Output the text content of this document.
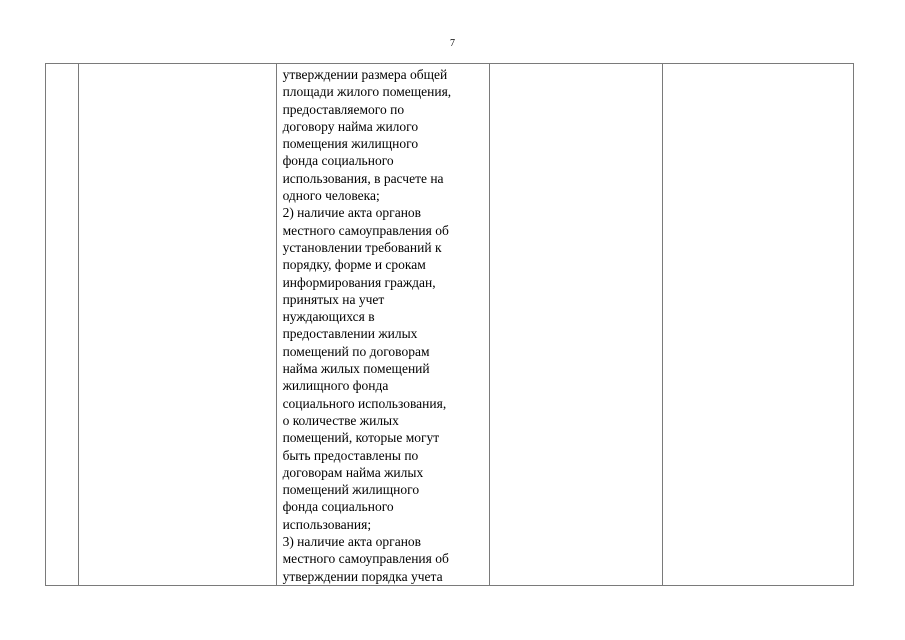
7

утверждении размера общей
площади жилого помещения,
предоставляемого по
договору найма жилого
помещения жилищного
фонда социального
использования, в расчете на
одного человека;
2) наличие акта органов
местного самоуправления об
установлении требований к
порядку, форме и срокам
информирования граждан,
принятых на учет
нуждающихся в
предоставлении жилых
помещений по договорам
найма жилых помещений
жилищного фонда
социального использования,
о количестве жилых
помещений, которые могут
быть предоставлены по
договорам найма жилых
помещений жилищного
фонда социального
использования;
3) наличие акта органов
местного самоуправления об
утверждении порядка учета
